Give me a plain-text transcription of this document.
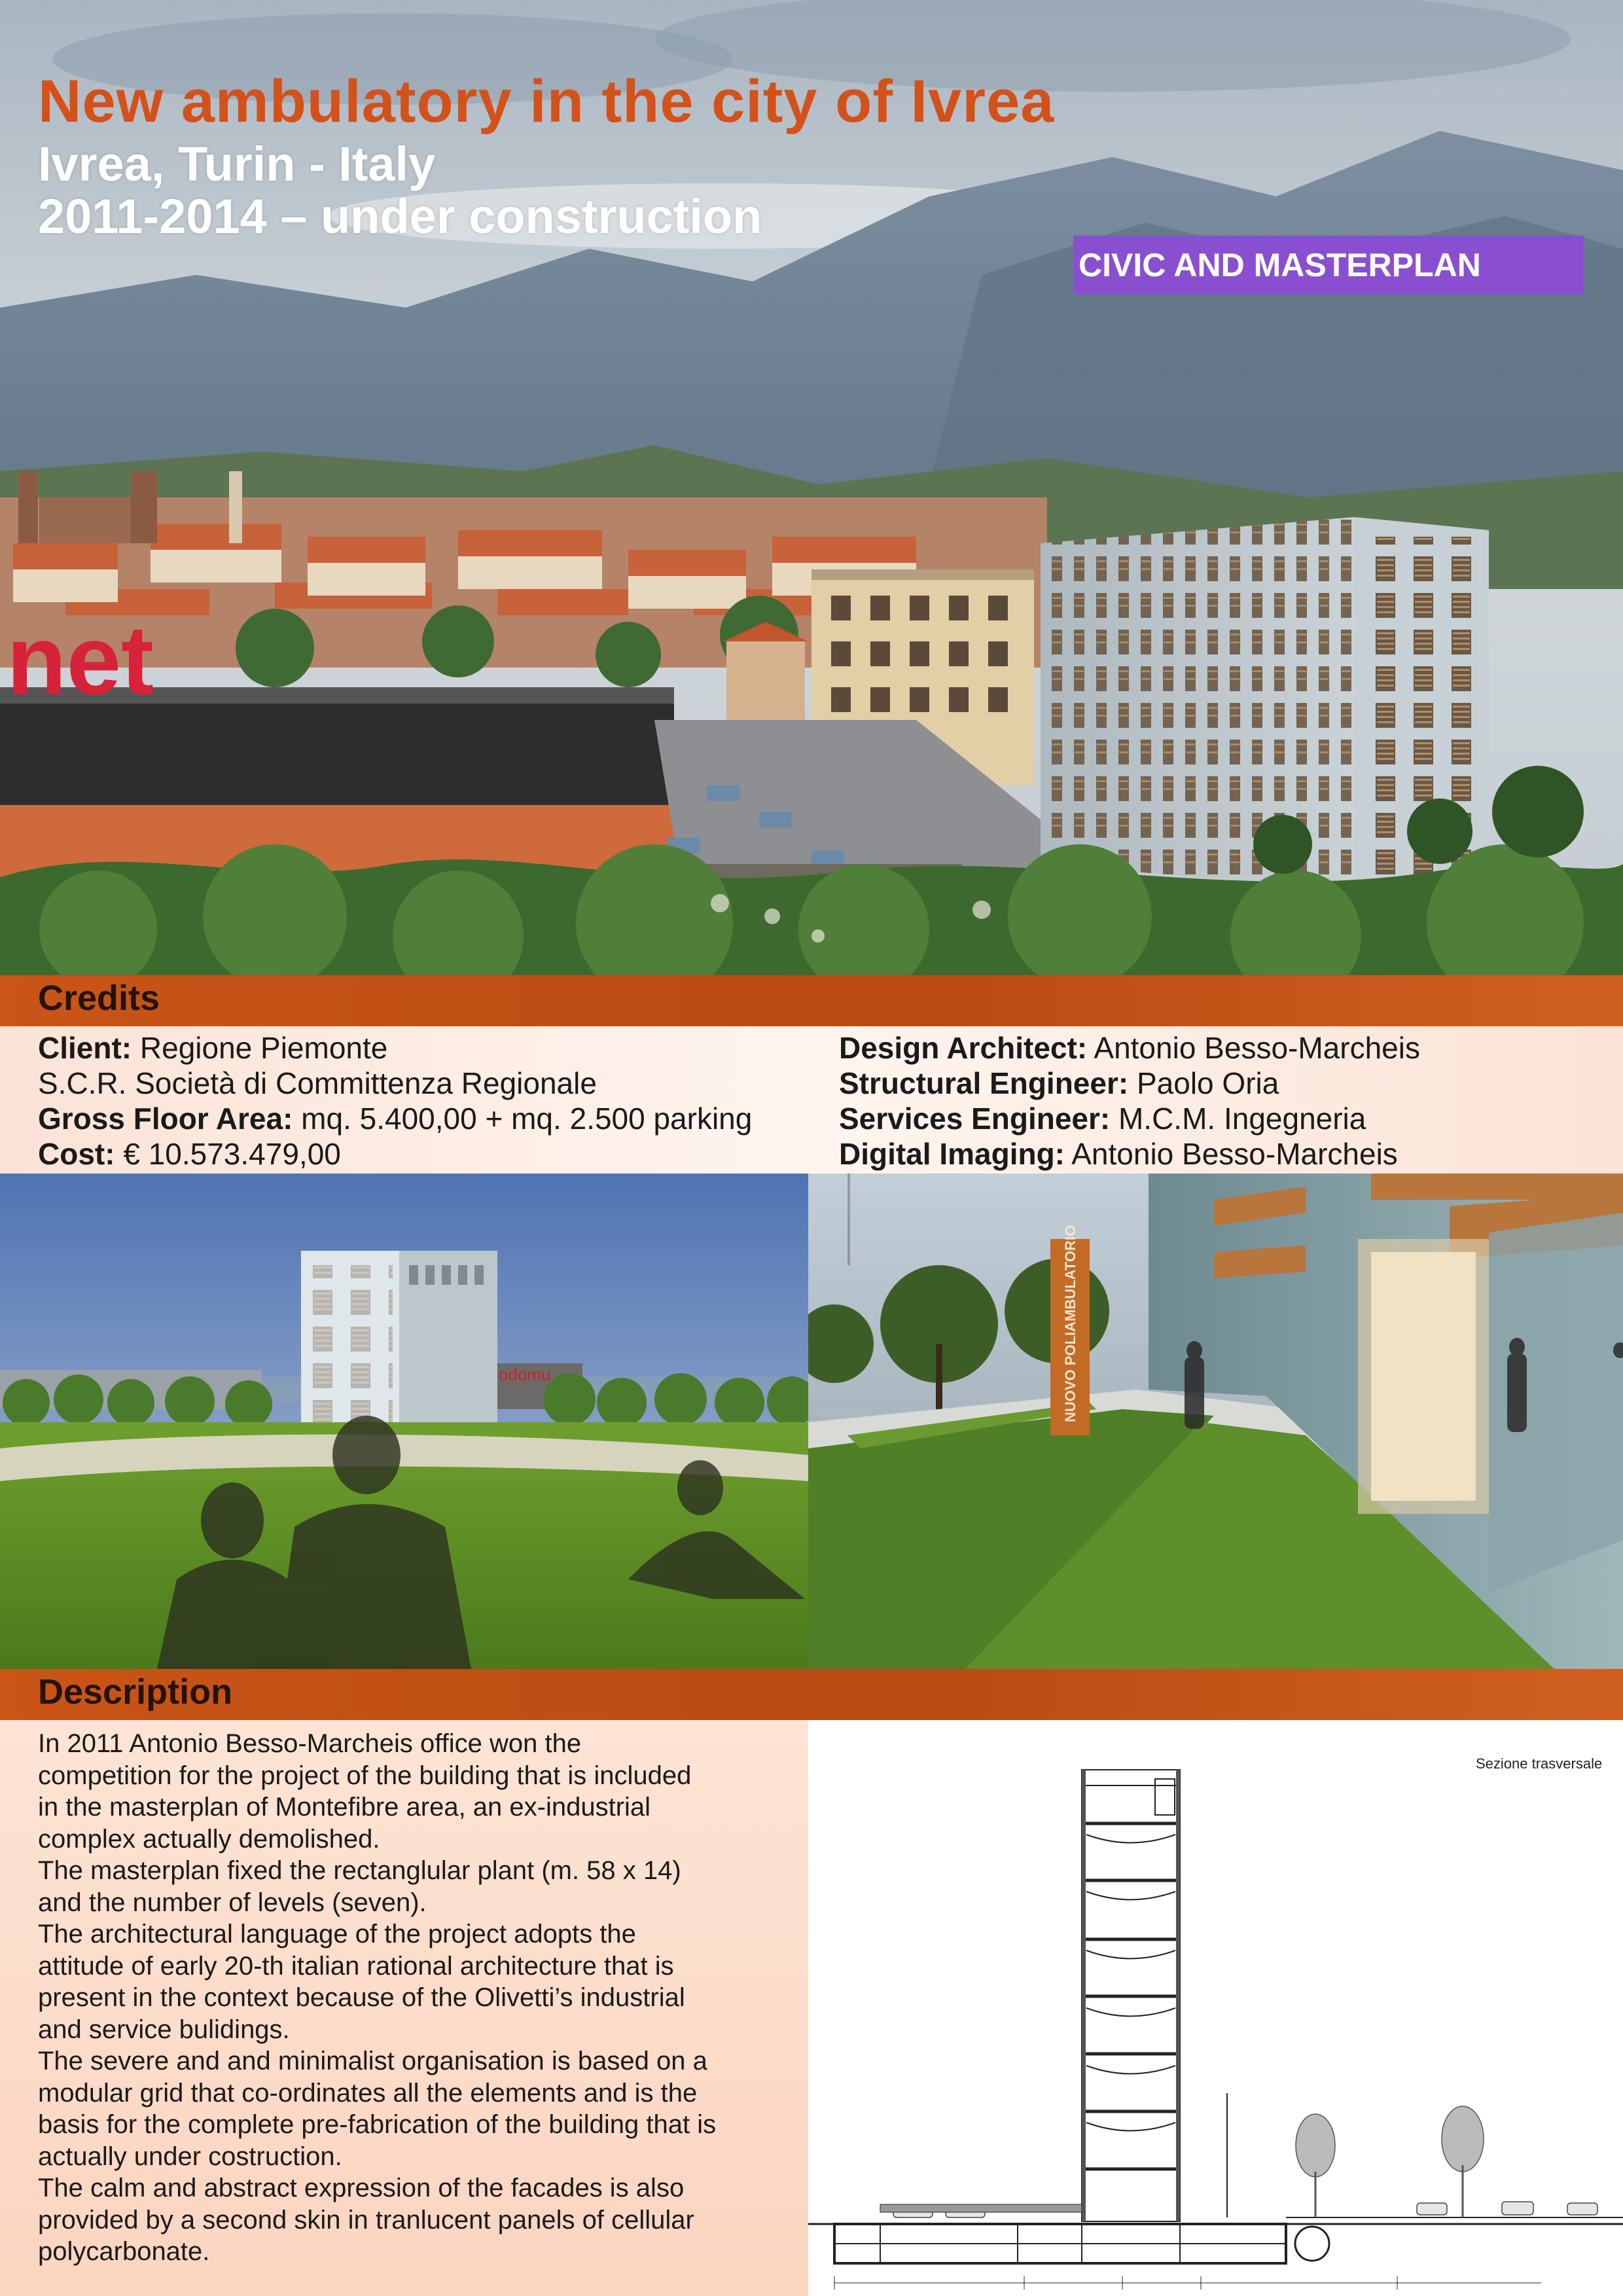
net
New ambulatory in the city of Ivrea
Ivrea, Turin - Italy
2011-2014 – under construction
CIVIC AND MASTERPLAN
Credits
Client: Regione Piemonte
S.C.R. Società di Committenza Regionale
Gross Floor Area: mq. 5.400,00 + mq. 2.500 parking
Cost: € 10.573.479,00
Design Architect: Antonio Besso-Marcheis
Structural Engineer: Paolo Oria
Services Engineer: M.C.M. Ingegneria
Digital Imaging: Antonio Besso-Marcheis
odomu	NUOVO POLIAMBULATORIO
Description

In 2011 Antonio Besso-Marcheis office won the

competition for the project of the building that is included

in the masterplan of Montefibre area, an ex-industrial

complex actually demolished.

The masterplan fixed the rectanglular plant (m. 58 x 14)

and the number of levels (seven).

The architectural language of the project adopts the

attitude of early 20-th italian rational architecture that is

present in the context because of the Olivetti’s industrial

and service bulidings.

The severe and and minimalist organisation is based on a

modular grid that co-ordinates all the elements and is the

basis for the complete pre-fabrication of the building that is

actually under costruction.

The calm and abstract expression of the facades is also

provided by a second skin in tranlucent panels of cellular

polycarbonate.

Sezione trasversale
